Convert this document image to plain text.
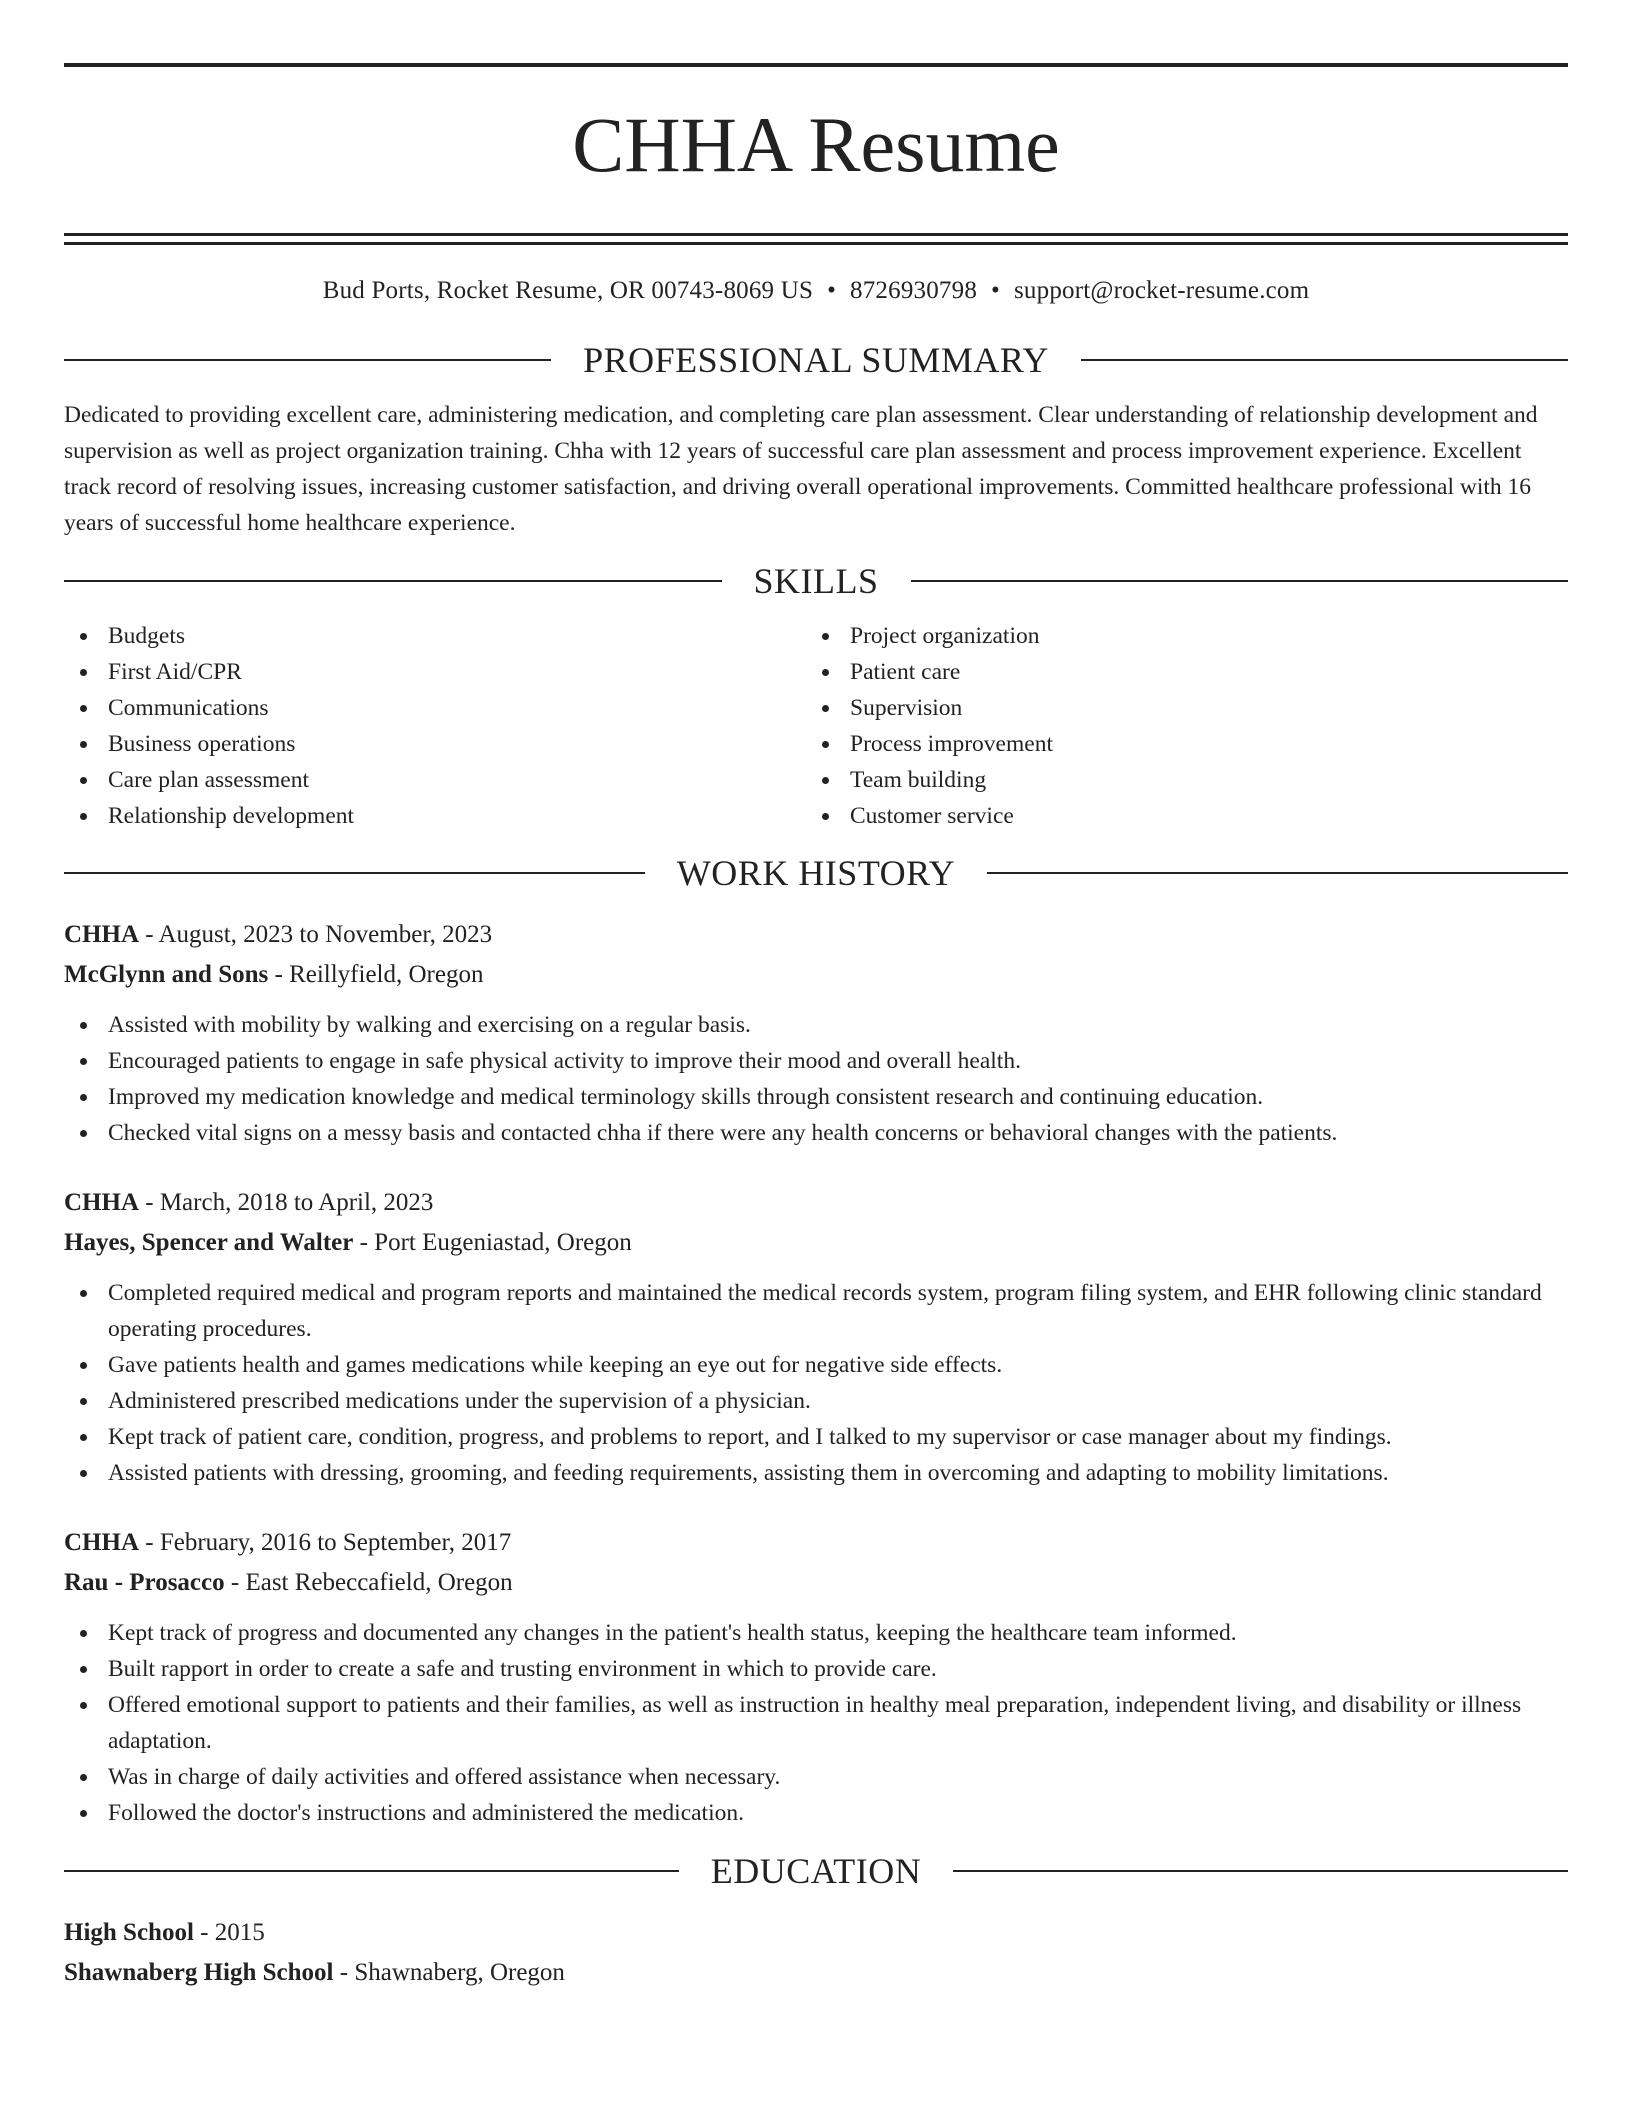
CHHA Resume
Bud Ports, Rocket Resume, OR 00743-8069 US • 8726930798 • support@rocket-resume.com
PROFESSIONAL SUMMARY

Dedicated to providing excellent care, administering medication, and completing care plan assessment. Clear understanding of relationship development and supervision as well as project organization training. Chha with 12 years of successful care plan assessment and process improvement experience. Excellent track record of resolving issues, increasing customer satisfaction, and driving overall operational improvements. Committed healthcare professional with 16 years of successful home healthcare experience.

SKILLS
Budgets
First Aid/CPR
Communications
Business operations
Care plan assessment
Relationship development
Project organization
Patient care
Supervision
Process improvement
Team building
Customer service
WORK HISTORY
CHHA - August, 2023 to November, 2023
McGlynn and Sons - Reillyfield, Oregon
Assisted with mobility by walking and exercising on a regular basis.
Encouraged patients to engage in safe physical activity to improve their mood and overall health.
Improved my medication knowledge and medical terminology skills through consistent research and continuing education.
Checked vital signs on a messy basis and contacted chha if there were any health concerns or behavioral changes with the patients.
CHHA - March, 2018 to April, 2023
Hayes, Spencer and Walter - Port Eugeniastad, Oregon
Completed required medical and program reports and maintained the medical records system, program filing system, and EHR following clinic standard operating procedures.
Gave patients health and games medications while keeping an eye out for negative side effects.
Administered prescribed medications under the supervision of a physician.
Kept track of patient care, condition, progress, and problems to report, and I talked to my supervisor or case manager about my findings.
Assisted patients with dressing, grooming, and feeding requirements, assisting them in overcoming and adapting to mobility limitations.
CHHA - February, 2016 to September, 2017
Rau - Prosacco - East Rebeccafield, Oregon
Kept track of progress and documented any changes in the patient's health status, keeping the healthcare team informed.
Built rapport in order to create a safe and trusting environment in which to provide care.
Offered emotional support to patients and their families, as well as instruction in healthy meal preparation, independent living, and disability or illness adaptation.
Was in charge of daily activities and offered assistance when necessary.
Followed the doctor's instructions and administered the medication.
EDUCATION
High School - 2015
Shawnaberg High School - Shawnaberg, Oregon
